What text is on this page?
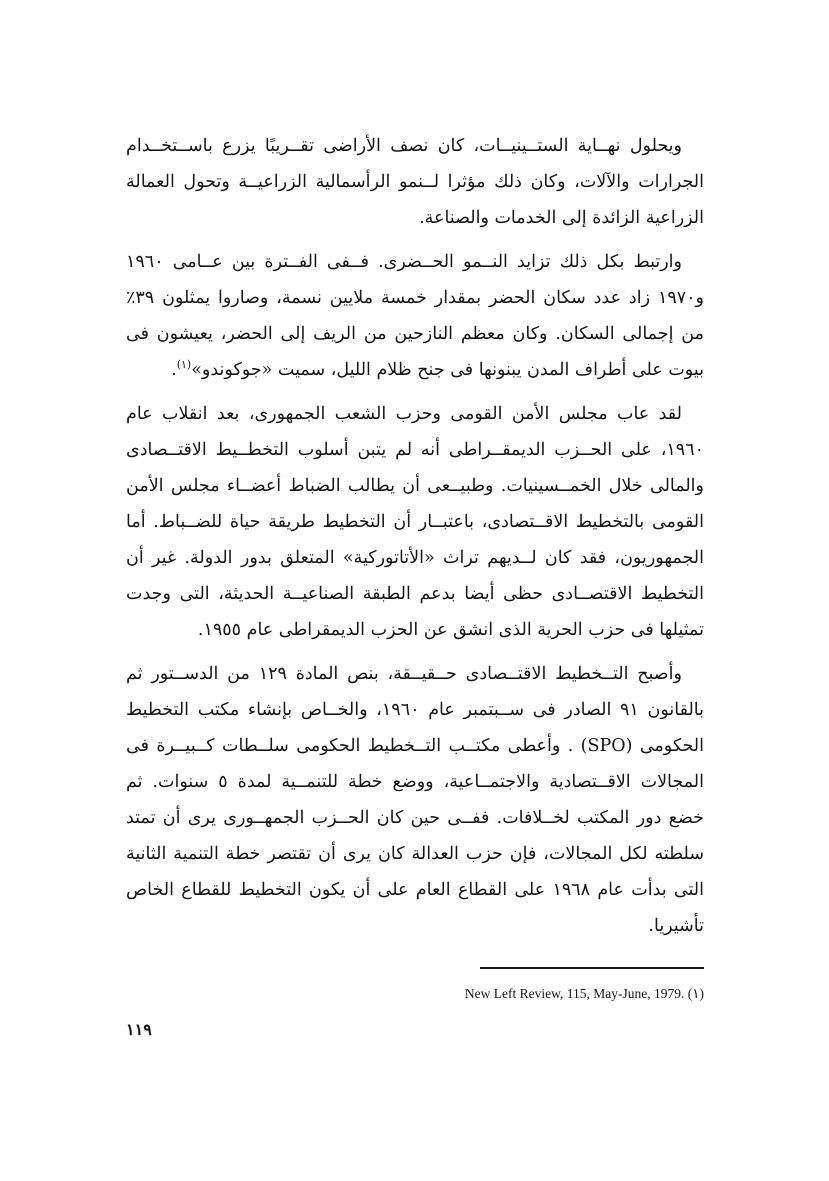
ويحلول نهــاية الستــينيــات، كان نصف الأراضى تقــريبًا يزرع باســتخــدام الجرارات والآلات، وكان ذلك مؤثرا لــنمو الرأسمالية الزراعيــة وتحول العمالة الزراعية الزائدة إلى الخدمات والصناعة.

وارتبط بكل ذلك تزايد النــمو الحــضرى. فــفى الفــترة بين عــامى ١٩٦٠ و١٩٧٠ زاد عدد سكان الحضر بمقدار خمسة ملايين نسمة، وصاروا يمثلون ٣٩٪ من إجمالى السكان. وكان معظم النازحين من الريف إلى الحضر، يعيشون فى بيوت على أطراف المدن يبنونها فى جنح ظلام الليل، سميت «جوكوندو»$^{(١)}$.

لقد عاب مجلس الأمن القومى وحزب الشعب الجمهورى، بعد انقلاب عام ١٩٦٠، على الحــزب الديمقــراطى أنه لم يتبن أسلوب التخطــيط الاقتــصادى والمالى خلال الخمــسينيات. وطبيــعى أن يطالب الضباط أعضــاء مجلس الأمن القومى بالتخطيط الاقــتصادى، باعتبــار أن التخطيط طريقة حياة للضــباط. أما الجمهوريون، فقد كان لــديهم تراث «الأتاتوركية» المتعلق بدور الدولة. غير أن التخطيط الاقتصــادى حظى أيضا بدعم الطبقة الصناعيــة الحديثة، التى وجدت تمثيلها فى حزب الحرية الذى انشق عن الحزب الديمقراطى عام ١٩٥٥.

وأصبح التــخطيط الاقتــصادى حــقيــقة، بنص المادة ١٢٩ من الدســتور ثم بالقانون ٩١ الصادر فى ســبتمبر عام ١٩٦٠، والخــاص بإنشاء مكتب التخطيط الحكومى (SPO) . وأعطى مكتــب التــخطيط الحكومى سلــطات كــبيــرة فى المجالات الاقــتصادية والاجتمــاعية، ووضع خطة للتنمــية لمدة ٥ سنوات. ثم خضع دور المكتب لخــلافات. ففــى حين كان الحــزب الجمهــورى يرى أن تمتد سلطته لكل المجالات، فإن حزب العدالة كان يرى أن تقتصر خطة التنمية الثانية التى بدأت عام ١٩٦٨ على القطاع العام على أن يكون التخطيط للقطاع الخاص تأشيريا.

New Left Review, 115, May-June, 1979. (١)
١١٩
